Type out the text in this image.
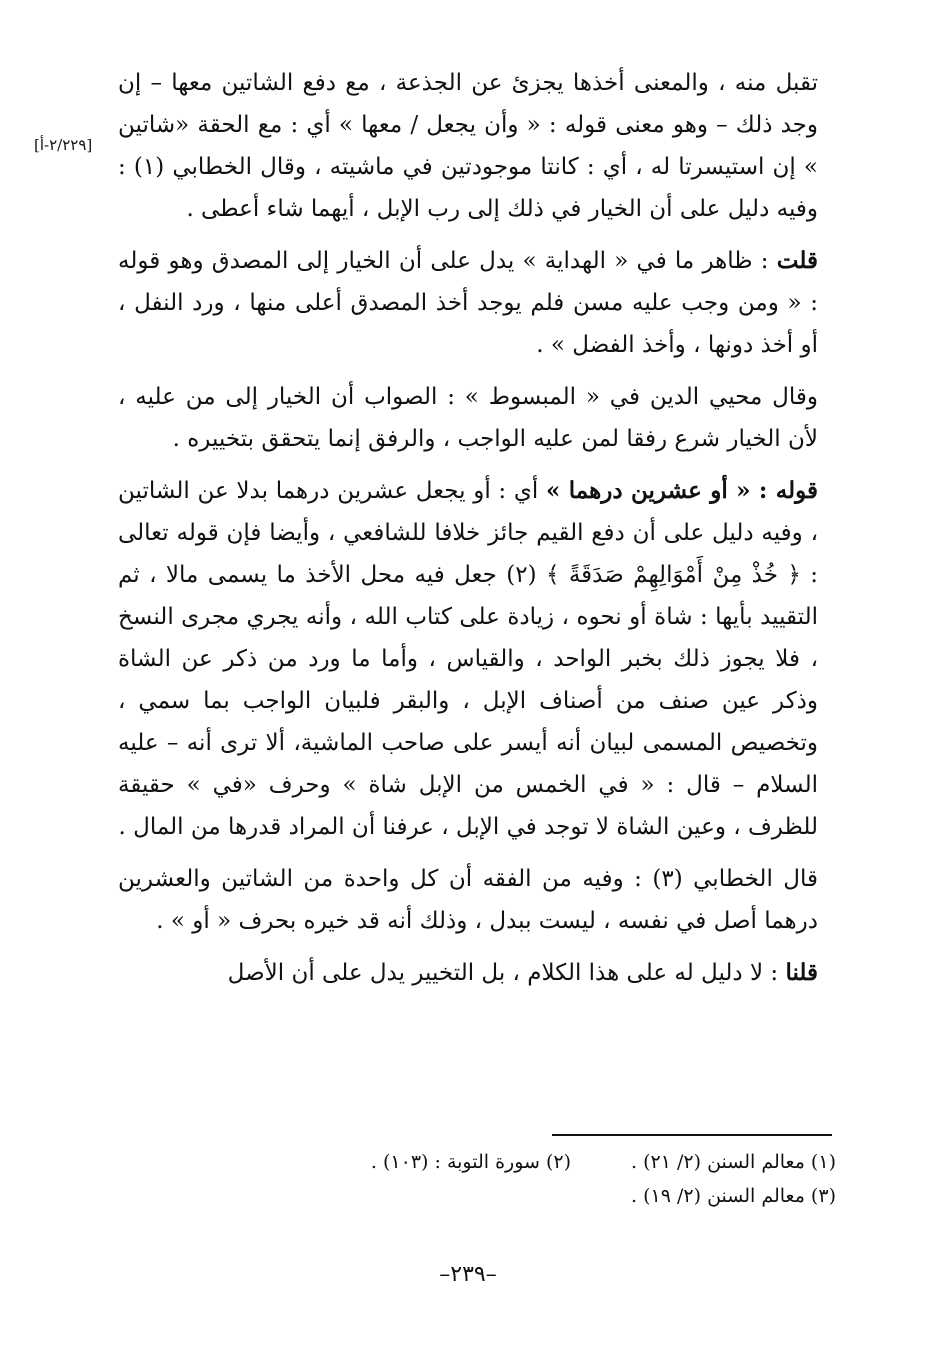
[٢/٢٢٩-أ]

تقبل منه ، والمعنى أخذها يجزئ عن الجذعة ، مع دفع الشاتين معها – إن وجد ذلك – وهو معنى قوله : « وأن يجعل / معها » أي : مع الحقة «شاتين » إن استيسرتا له ، أي : كانتا موجودتين في ماشيته ، وقال الخطابي (١) : وفيه دليل على أن الخيار في ذلك إلى رب الإبل ، أيهما شاء أعطى .

قلت : ظاهر ما في « الهداية » يدل على أن الخيار إلى المصدق وهو قوله : « ومن وجب عليه مسن فلم يوجد أخذ المصدق أعلى منها ، ورد النفل ، أو أخذ دونها ، وأخذ الفضل » .

وقال محيي الدين في « المبسوط » : الصواب أن الخيار إلى من عليه ، لأن الخيار شرع رفقا لمن عليه الواجب ، والرفق إنما يتحقق بتخييره .

قوله : « أو عشرين درهما » أي : أو يجعل عشرين درهما بدلا عن الشاتين ، وفيه دليل على أن دفع القيم جائز خلافا للشافعي ، وأيضا فإن قوله تعالى : ﴿ خُذْ مِنْ أَمْوَالِهِمْ صَدَقَةً ﴾ (٢) جعل فيه محل الأخذ ما يسمى مالا ، ثم التقييد بأيها : شاة أو نحوه ، زيادة على كتاب الله ، وأنه يجري مجرى النسخ ، فلا يجوز ذلك بخبر الواحد ، والقياس ، وأما ما ورد من ذكر عن الشاة وذكر عين صنف من أصناف الإبل ، والبقر فلبيان الواجب بما سمي ، وتخصيص المسمى لبيان أنه أيسر على صاحب الماشية، ألا ترى أنه – عليه السلام – قال : « في الخمس من الإبل شاة » وحرف «في » حقيقة للظرف ، وعين الشاة لا توجد في الإبل ، عرفنا أن المراد قدرها من المال .

قال الخطابي (٣) : وفيه من الفقه أن كل واحدة من الشاتين والعشرين درهما أصل في نفسه ، ليست ببدل ، وذلك أنه قد خيره بحرف « أو » .

قلنا : لا دليل له على هذا الكلام ، بل التخيير يدل على أن الأصل

(١) معالم السنن (٢/ ٢١) .
(٢) سورة التوبة : (١٠٣) .
(٣) معالم السنن (٢/ ١٩) .
–٢٣٩–
